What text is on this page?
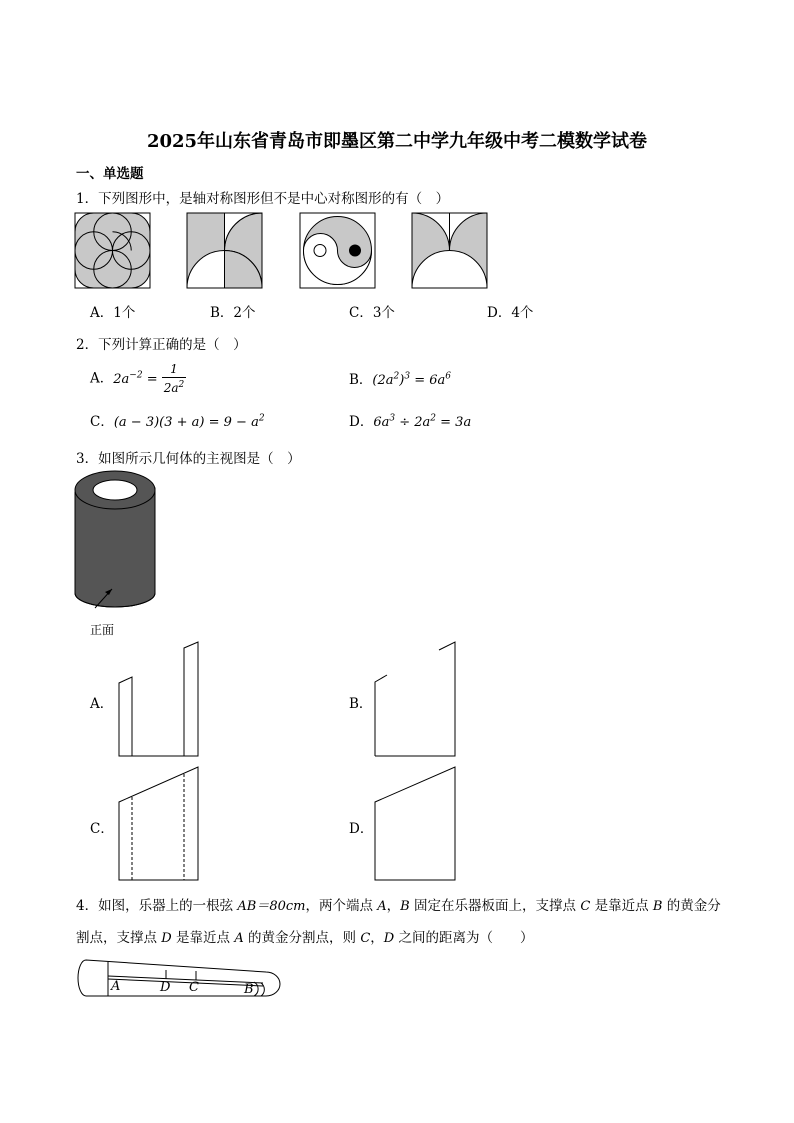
2025年山东省青岛市即墨区第二中学九年级中考二模数学试卷
一、单选题
1．下列图形中，是轴对称图形但不是中心对称图形的有（　）
A．1个	B．2个	C．3个	D．4个
2．下列计算正确的是（　）
A．$2a^{-2} = \frac{1}{2a^2}$	B．$(2a^2)^3 = 6a^6$
C．$(a - 3)(3 + a) = 9 - a^2$	D．$6a^3 \div 2a^2 = 3a$
3．如图所示几何体的主视图是（　）
正面
A．	B．
C．	D．
4．如图，乐器上的一根弦 AB＝80cm，两个端点 A，B 固定在乐器板面上，支撑点 C 是靠近点 B 的黄金分
割点，支撑点 D 是靠近点 A 的黄金分割点，则 C，D 之间的距离为（　　）
A	D C	B
